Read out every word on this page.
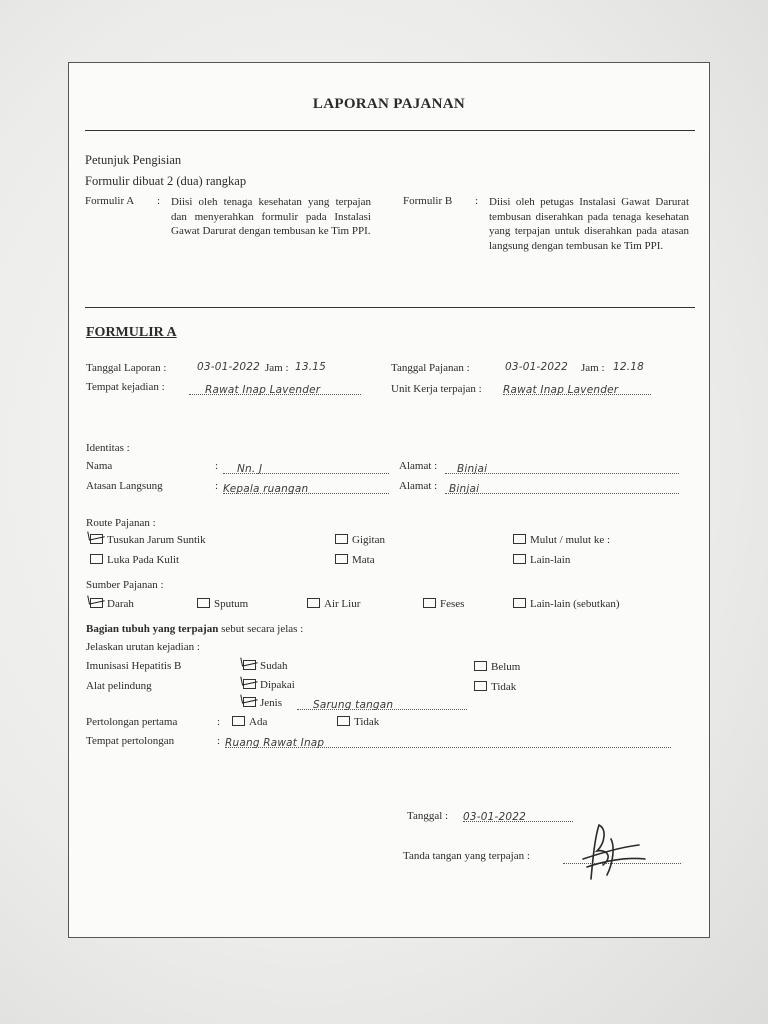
LAPORAN PAJANAN
Petunjuk Pengisian
Formulir dibuat 2 (dua) rangkap
Formulir A : Diisi oleh tenaga kesehatan yang terpajan dan menyerahkan formulir pada Instalasi Gawat Darurat dengan tembusan ke Tim PPI.
Formulir B : Diisi oleh petugas Instalasi Gawat Darurat tembusan diserahkan pada tenaga kesehatan yang terpajan untuk diserahkan pada atasan langsung dengan tembusan ke Tim PPI.
FORMULIR A
Tanggal Laporan :	03-01-2022 Jam : 13.15	Tanggal Pajanan :	03-01-2022 Jam : 12.18
Tempat kejadian :	Rawat Inap Lavender	Unit Kerja terpajan : Rawat Inap Lavender
Identitas :
Nama	:	Nn. J	Alamat :	Binjai
Atasan Langsung	: Kepala ruangan	Alamat :	Binjai
Route Pajanan :
Tusukan Jarum Suntik	Gigitan	Mulut / mulut ke :
Luka Pada Kulit	Mata	Lain-lain
Sumber Pajanan :
Darah	Sputum	Air Liur	Feses	Lain-lain (sebutkan)
Bagian tubuh yang terpajan sebut secara jelas :
Jelaskan urutan kejadian :
Imunisasi Hepatitis B	Sudah	Belum
Alat pelindung	Dipakai	Tidak
Jenis	Sarung tangan
Pertolongan pertama	:	Ada	Tidak
Tempat pertolongan	: Ruang Rawat Inap
Tanggal : 03-01-2022
Tanda tangan yang terpajan :
